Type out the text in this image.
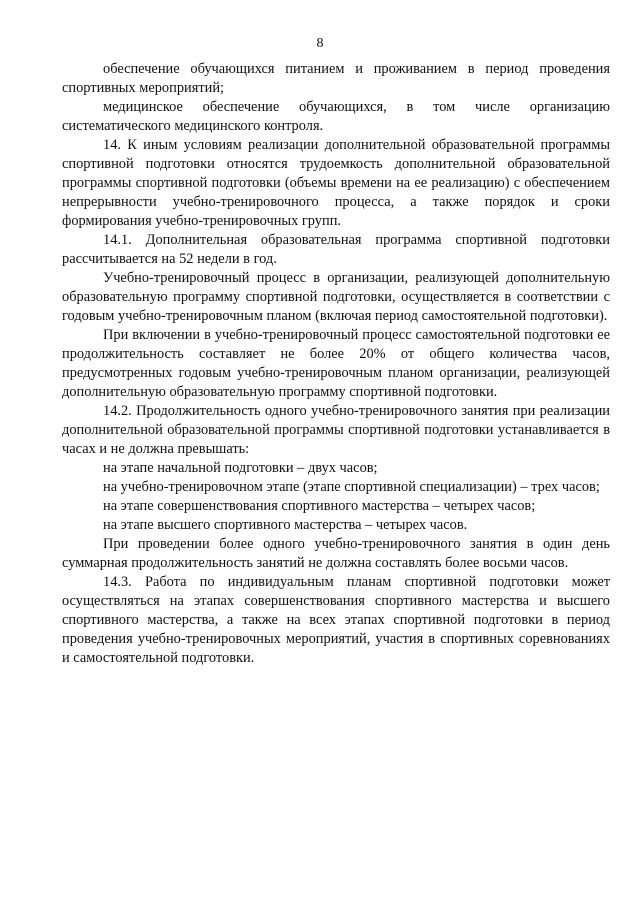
8

обеспечение обучающихся питанием и проживанием в период проведения спортивных мероприятий;

медицинское обеспечение обучающихся, в том числе организацию систематического медицинского контроля.

14. К иным условиям реализации дополнительной образовательной программы спортивной подготовки относятся трудоемкость дополнительной образовательной программы спортивной подготовки (объемы времени на ее реализацию) с обеспечением непрерывности учебно-тренировочного процесса, а также порядок и сроки формирования учебно-тренировочных групп.

14.1. Дополнительная образовательная программа спортивной подготовки рассчитывается на 52 недели в год.

Учебно-тренировочный процесс в организации, реализующей дополнительную образовательную программу спортивной подготовки, осуществляется в соответствии с годовым учебно-тренировочным планом (включая период самостоятельной подготовки).

При включении в учебно-тренировочный процесс самостоятельной подготовки ее продолжительность составляет не более 20% от общего количества часов, предусмотренных годовым учебно-тренировочным планом организации, реализующей дополнительную образовательную программу спортивной подготовки.

14.2. Продолжительность одного учебно-тренировочного занятия при реализации дополнительной образовательной программы спортивной подготовки устанавливается в часах и не должна превышать:

на этапе начальной подготовки – двух часов;

на учебно-тренировочном этапе (этапе спортивной специализации) – трех часов;

на этапе совершенствования спортивного мастерства – четырех часов;

на этапе высшего спортивного мастерства – четырех часов.

При проведении более одного учебно-тренировочного занятия в один день суммарная продолжительность занятий не должна составлять более восьми часов.

14.3. Работа по индивидуальным планам спортивной подготовки может осуществляться на этапах совершенствования спортивного мастерства и высшего спортивного мастерства, а также на всех этапах спортивной подготовки в период проведения учебно-тренировочных мероприятий, участия в спортивных соревнованиях и самостоятельной подготовки.
